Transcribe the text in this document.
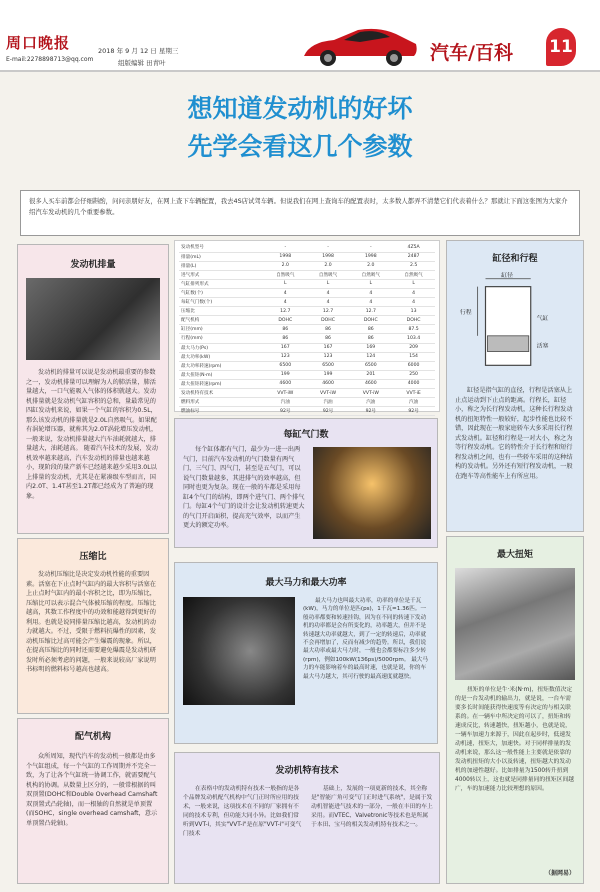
周口晚报
E-mail:2278898713@qq.com
2018 年 9 月 12 日 星期三
组版编辑 田青叶	汽车/百科 11
想知道发动机的好坏
先学会看这几个参数
很多人买车前都会仔细斟酌，问问亲朋好友，在网上查下车辆配置，我去4S店试驾车辆。但说我们在网上查询车的配置表时，太多数人都弄不清楚它们代表着什么？那就让下面这张图为大家介绍汽车发动机的几个重要参数。
发动机排量
发动机的排量可以说是发动机最重要的参数之一，发动机排量可以理解为人的肺活量，肺活量越大，一口气能吸入气体的体积就越大。发动机排量就是发动机气缸容积的总和，量最常见的四缸发动机来说，如果一个气缸的容积为0.5L，那么该发动机的排量就是2.0L自然吸气。如果配有涡轮增压器，就称其为2.0T涡轮增压发动机，一般来说，发动机排量越大汽车油耗就越大，排量越大，油耗越高。 随着汽车技术的发展，发动机效率越来越高，汽车发动机的排量也越来越小，现阶段的量产新车已经越来越少采用3.0L以上排量的发动机，尤其是在紧凑级车型而言，国内2.0T、1.4T甚至1.2T都已经成为了普遍的现象。
发动机型号	-	-	-	4Z5A
排量(mL)	1998	1998	1998	2487
排量(L)	2.0	2.0	2.0	2.5
进气形式	自然吸气	自然吸气	自然吸气	自然吸气
气缸排列形式	L	L	L	L
气缸数(个)	4	4	4	4
每缸气门数(个)	4	4	4	4
压缩比	12.7	12.7	12.7	13
配气机构	DOHC	DOHC	DOHC	DOHC
缸径(mm)	86	86	86	87.5
行程(mm)	86	86	86	103.4
最大马力(Ps)	167	167	169	209
最大功率(kW)	123	123	124	154
最大功率转速(rpm)	6500	6500	6500	6000
最大扭矩(N·m)	199	199	201	250
最大扭矩转速(rpm)	4600	4600	4600	4000
发动机特有技术	VVT-iW	VVT-iW	VVT-iW	VVT-iE
燃料形式	汽油	汽油	汽油	汽油
燃油标号	92号	92号	92号	92号
缸径和行程
缸径
行程
气缸
活塞
缸径是指气缸的直径，行程是活塞从上止点运动到下止点的距离。行程长，缸径小，称之为长行程发动机，这种长行程发动机的扭矩特性一般较好，起步性能也比较不错，因此现在一般家庭轿车大多采用长行程式发动机。缸径和行程是一对大小，称之为等行程发动机。它的特性介于长行程和短行程发动机之间，也有一些轿车采用的这种结构的发动机。另外还有短行程发动机，一般在跑车等高性能车上有所应用。
每缸气门数
每个缸体都有气门，最少为一进一出两气门，目前汽车发动机的气门数量有两气门、三气门、四气门，甚至是五气门，可以说气门数量越多，其进排气的效率越高，但同时也更为复杂。现在一般的车都是采用每缸4个气门的结构，即两个进气门、两个排气门。每缸4个气门的设计会让发动机转速更大的气门开启面积，提高充气效率，以而产生更大的额定功率。
压缩比
发动机压缩比是决定发动机性能的重要因素。活塞在下止点时气缸内的最大容积与活塞在上止点时气缸内的最小容积之比，即为压缩比，压缩比可以表示混合气体被压缩的程度。压缩比越高，其数工作程度中的功效和能越得到更好的利用。也就是说同排量压缩比越高，发动机的动力就越大。不过，受限于燃料抗爆性的因素，发动机压缩比过高可能会产生爆震的现象。所以，在提高压缩比的同时还需要避免爆震是发动机研发时所必须考虑的问题，一般来说较高厂家说明书标明的燃料标号越高也越高。
最大马力和最大功率
最大马力也叫最大功率，功率的单位是千瓦(kW)，马力的单位是匹(ps)，1千瓦=1.36匹。一般功率都要和转速挂钩，因为在不同的转速下发动机的功率都是会有所变化的，功率越大，但并不是转速越大功率就越大，到了一定的转速后，功率就不会再增加了，反而有减少的趋势。所以，我们说最大功率或最大马力时，一般也会都要标注多少转(rpm)，例如100kW(136ps)/5000rpm。 最大马力的车能影响着车的最高时速，也就是说，你的车最大马力越大，其可行驶的最高速度就越快。
最大扭矩
扭矩的单位是牛·米(N·m)，扭矩数值决定的是一台发动机的输出力，就是说，一台车需要多长时间能获得快速度等有决定的与相关联系的。在一辆车中所决定的可以了，扭矩和转速成反比，转速越快，扭矩越小，也就是说，一辆车加速力来源于，因此在起步时，低速发动机速，扭矩大，加速快。对于同样排量的发动机来说，那么这一般性能上主要就是依靠的发动机扭矩的大小以及转速，扭矩越大的发动机的加速性越好。比如排量为1500转升扭到4000转以上，这也就是同排量同的扭矩区间越广，车的加速能力比较理想的原因。
（据网易）
配气机构
众所周知，现代汽车的发动机一般都是由多个气缸组成，每一个气缸的工作周期并不完全一致，为了让各个气缸统一协调工作，就需要配气机构的协调。从数量上区分的，一般常根据的叫双顶置(DOHC和Double Overhead Camshaft双顶置式凸轮轴)，而一根轴的自然就是单顶置(而SOHC，single overhead camshaft，意示单顶置凸轮轴)。
发动机特有技术
在表格中的发动机特有技术一般指的是各个品牌发动机配气机构中气门正时所应用的技术，一般来说，这项技术在不同的厂家拥有不同的技术专利，但功能大同小异。比如我们常听到VVT-i，其实"VVT-i"是在原"VVT-i"可变气门技术
基础上，发展的一项更新的技术，其全称是"智能广角可变气门正时进气系统"，是属于发动机智能进气技术的一部分，一般在丰田的车上采用。而VTEC、Valvetronic等技术也是所属于本田、宝马的相关发动机特有技术之一。
